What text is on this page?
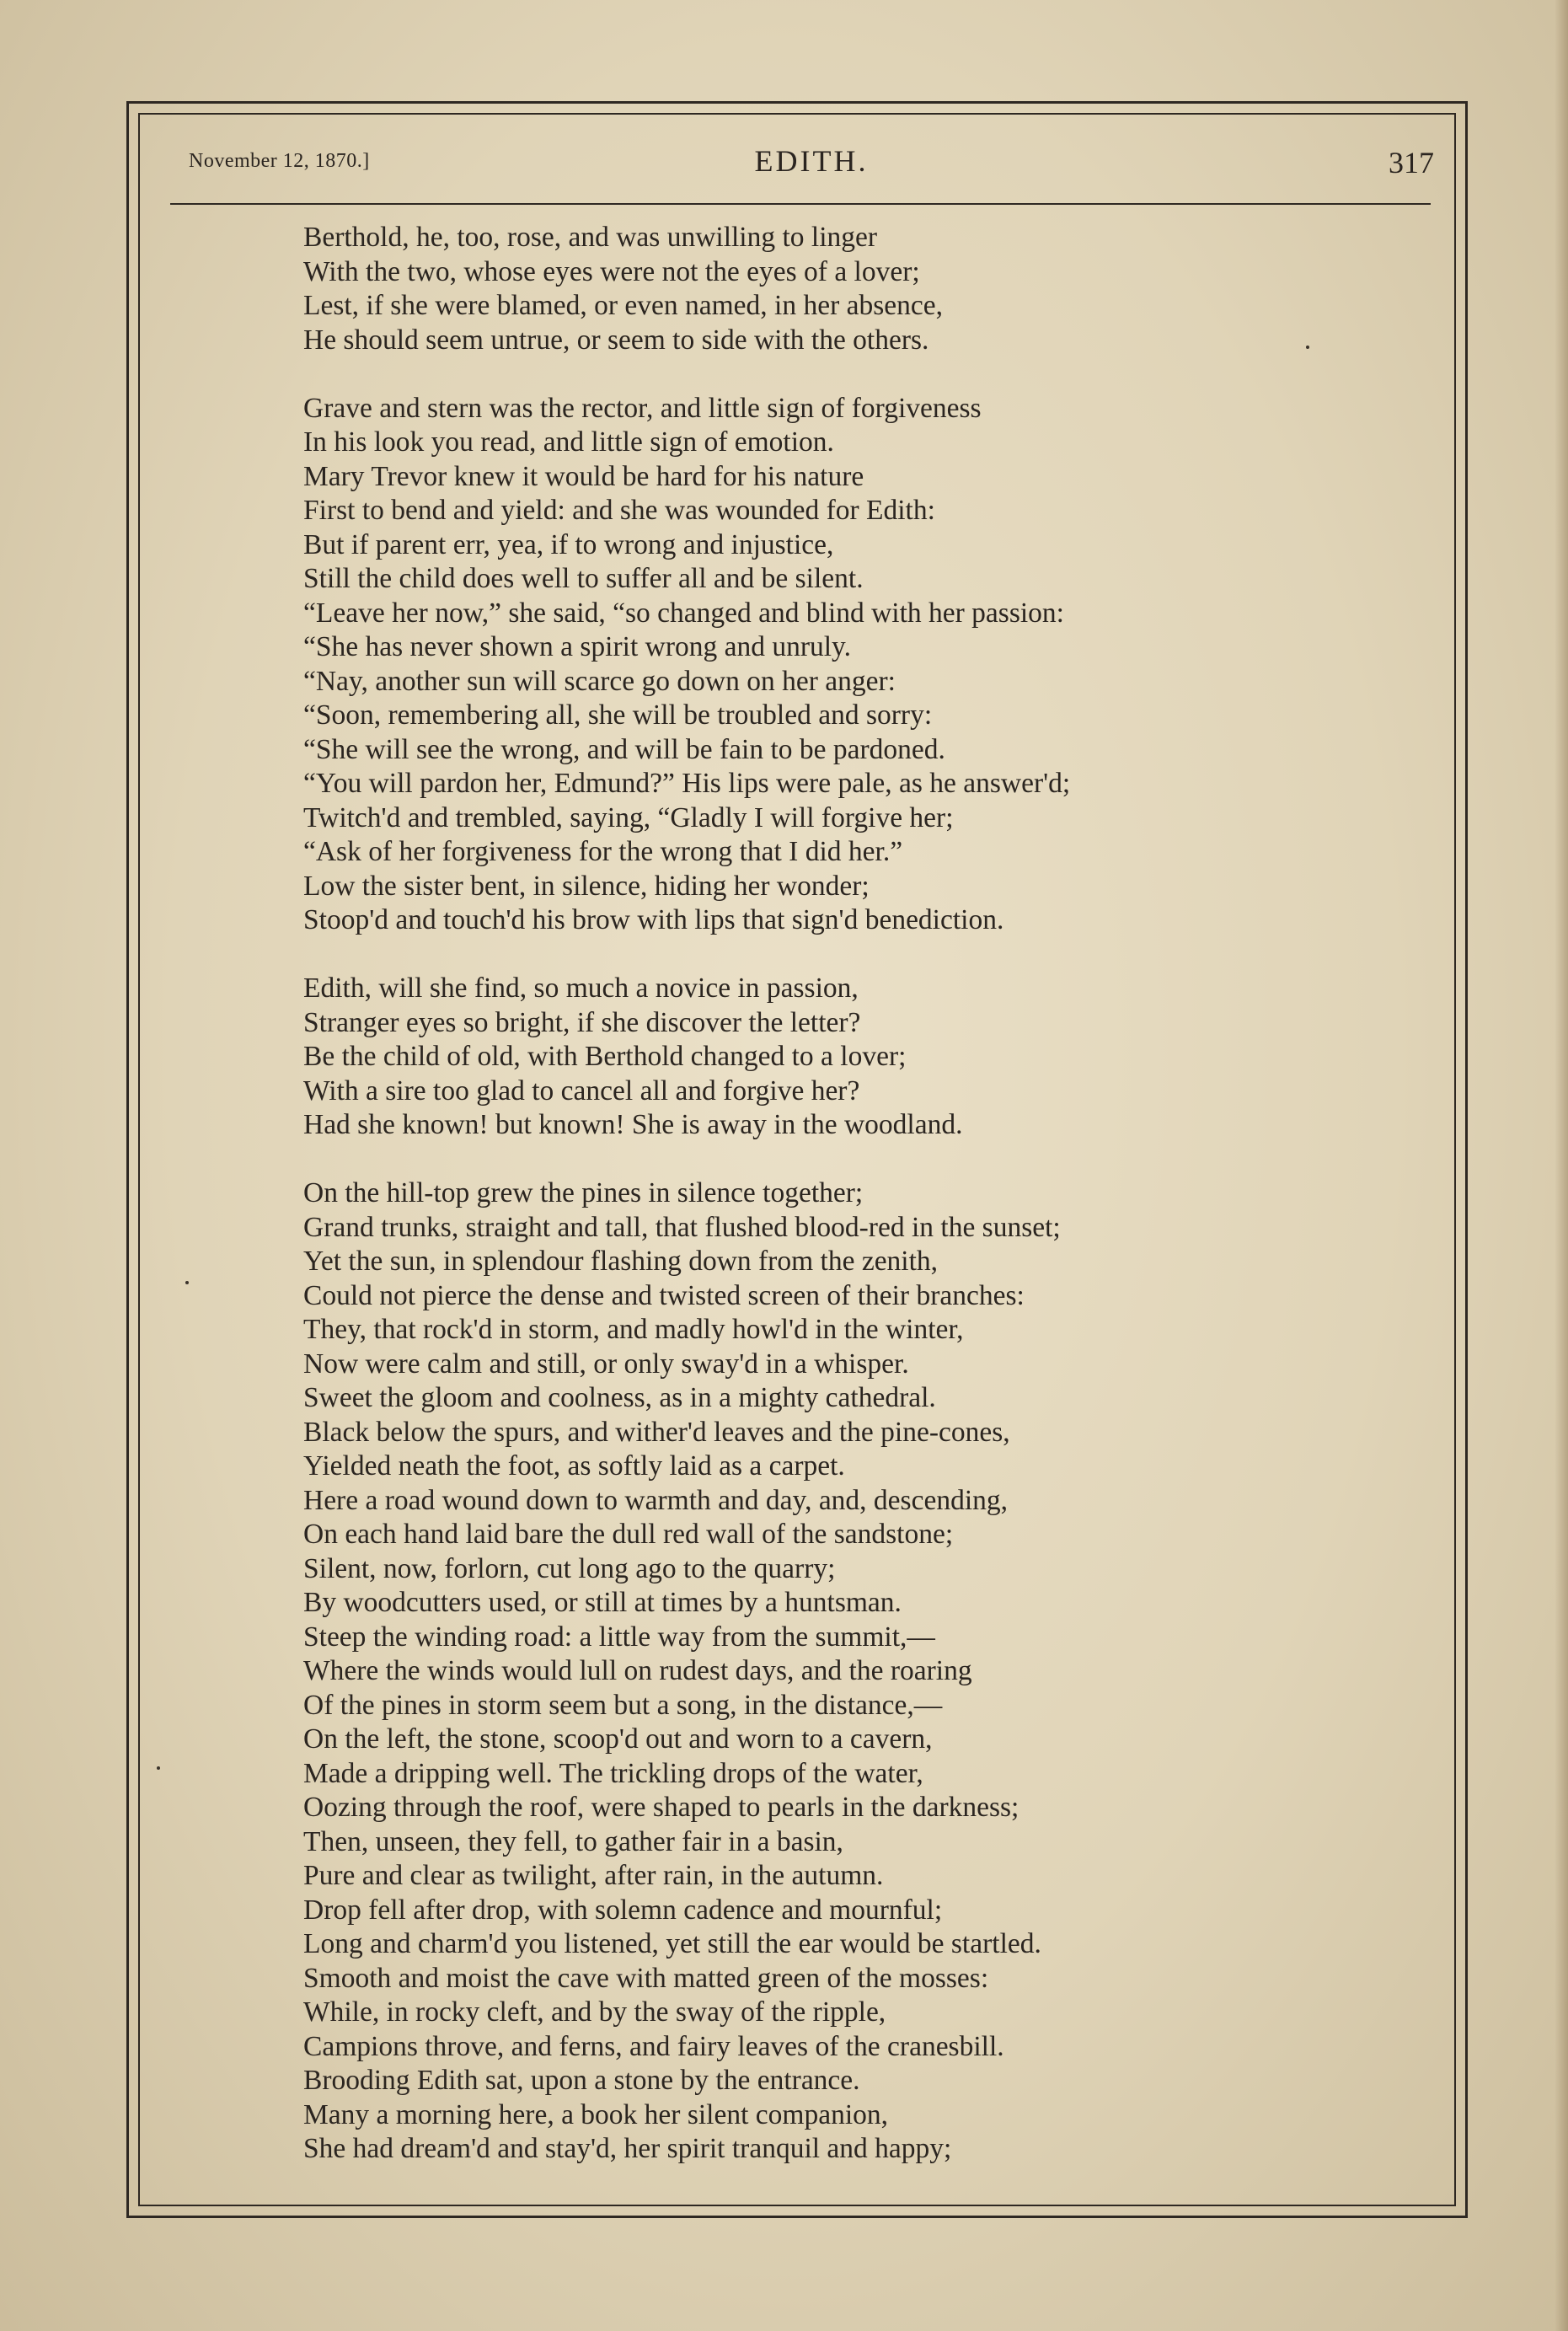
November 12, 1870.]	EDITH.	317
Berthold, he, too, rose, and was unwilling to linger
With the two, whose eyes were not the eyes of a lover;
Lest, if she were blamed, or even named, in her absence,
He should seem untrue, or seem to side with the others.
Grave and stern was the rector, and little sign of forgiveness
In his look you read, and little sign of emotion.
Mary Trevor knew it would be hard for his nature
First to bend and yield: and she was wounded for Edith:
But if parent err, yea, if to wrong and injustice,
Still the child does well to suffer all and be silent.
“Leave her now,” she said, “so changed and blind with her passion:
“She has never shown a spirit wrong and unruly.
“Nay, another sun will scarce go down on her anger:
“Soon, remembering all, she will be troubled and sorry:
“She will see the wrong, and will be fain to be pardoned.
“You will pardon her, Edmund?” His lips were pale, as he answer'd;
Twitch'd and trembled, saying, “Gladly I will forgive her;
“Ask of her forgiveness for the wrong that I did her.”
Low the sister bent, in silence, hiding her wonder;
Stoop'd and touch'd his brow with lips that sign'd benediction.
Edith, will she find, so much a novice in passion,
Stranger eyes so bright, if she discover the letter?
Be the child of old, with Berthold changed to a lover;
With a sire too glad to cancel all and forgive her?
Had she known! but known! She is away in the woodland.
On the hill-top grew the pines in silence together;
Grand trunks, straight and tall, that flushed blood-red in the sunset;
Yet the sun, in splendour flashing down from the zenith,
Could not pierce the dense and twisted screen of their branches:
They, that rock'd in storm, and madly howl'd in the winter,
Now were calm and still, or only sway'd in a whisper.
Sweet the gloom and coolness, as in a mighty cathedral.
Black below the spurs, and wither'd leaves and the pine-cones,
Yielded neath the foot, as softly laid as a carpet.
Here a road wound down to warmth and day, and, descending,
On each hand laid bare the dull red wall of the sandstone;
Silent, now, forlorn, cut long ago to the quarry;
By woodcutters used, or still at times by a huntsman.
Steep the winding road: a little way from the summit,—
Where the winds would lull on rudest days, and the roaring
Of the pines in storm seem but a song, in the distance,—
On the left, the stone, scoop'd out and worn to a cavern,
Made a dripping well. The trickling drops of the water,
Oozing through the roof, were shaped to pearls in the darkness;
Then, unseen, they fell, to gather fair in a basin,
Pure and clear as twilight, after rain, in the autumn.
Drop fell after drop, with solemn cadence and mournful;
Long and charm'd you listened, yet still the ear would be startled.
Smooth and moist the cave with matted green of the mosses:
While, in rocky cleft, and by the sway of the ripple,
Campions throve, and ferns, and fairy leaves of the cranesbill.
Brooding Edith sat, upon a stone by the entrance.
Many a morning here, a book her silent companion,
She had dream'd and stay'd, her spirit tranquil and happy;
